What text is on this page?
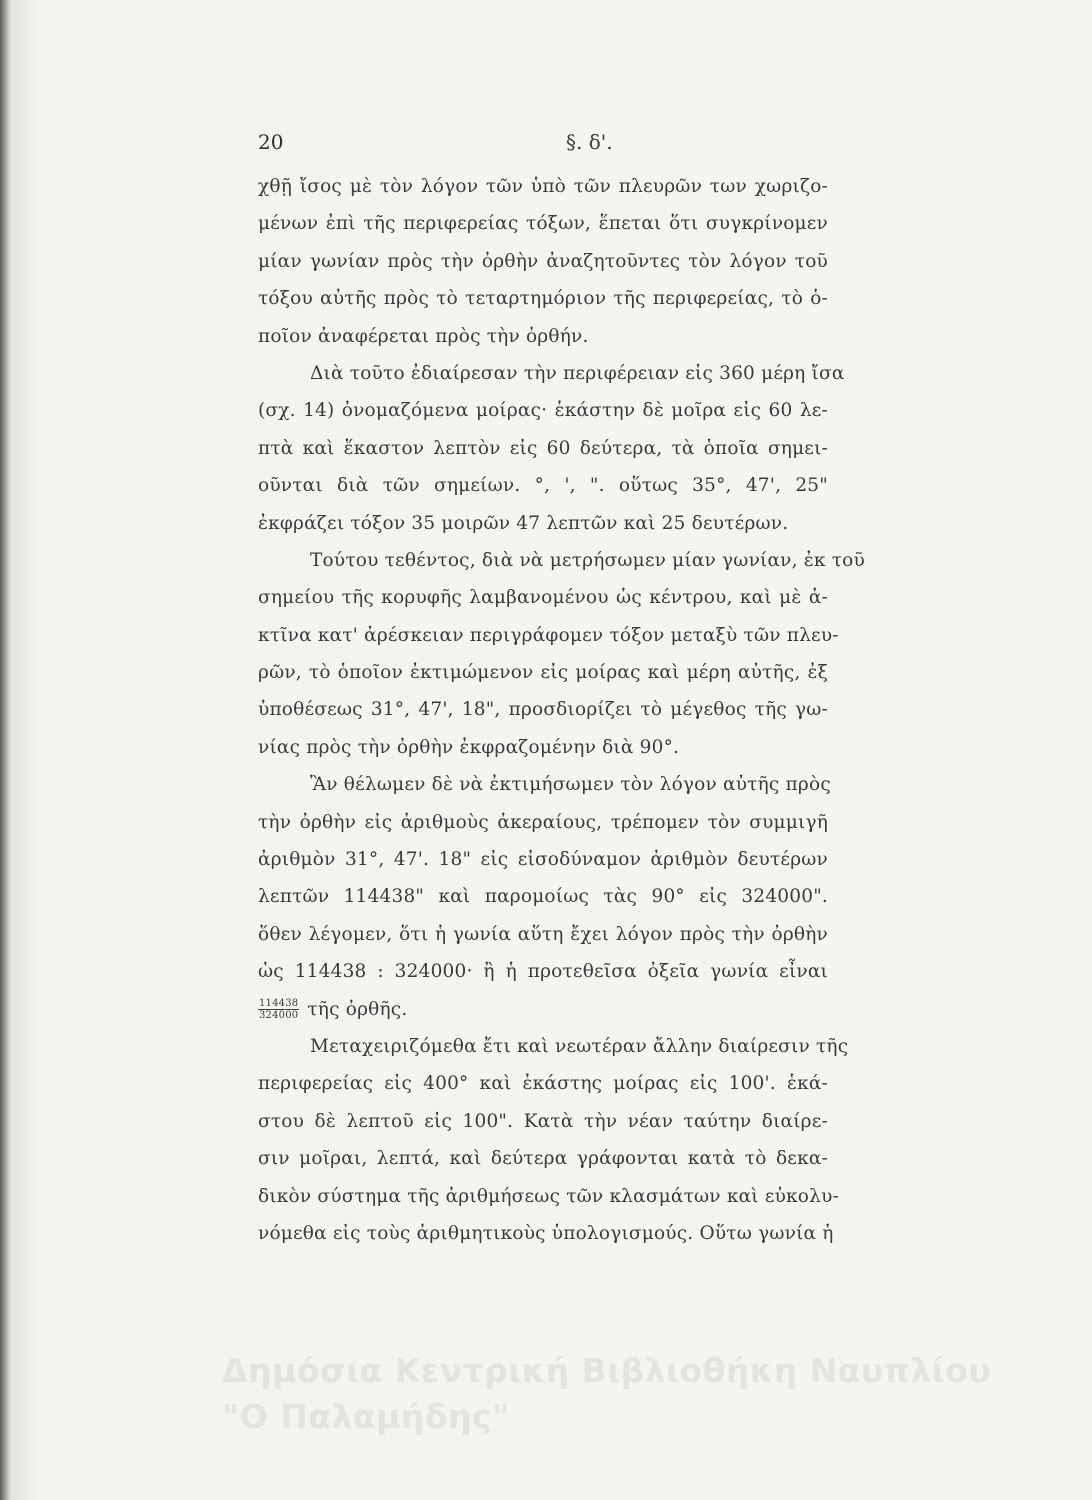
20	§. δ'.
χθῇ ἴσος μὲ τὸν λόγον τῶν ὑπὸ τῶν πλευρῶν των χωριζο-
μένων ἐπὶ τῆς περιφερείας τόξων, ἕπεται ὅτι συγκρίνομεν
μίαν γωνίαν πρὸς τὴν ὀρθὴν ἀναζητοῦντες τὸν λόγον τοῦ
τόξου αὐτῆς πρὸς τὸ τεταρτημόριον τῆς περιφερείας, τὸ ὁ-
ποῖον ἀναφέρεται πρὸς τὴν ὀρθήν.
Διὰ τοῦτο ἐδιαίρεσαν τὴν περιφέρειαν εἰς 360 μέρη ἴσα
(σχ. 14) ὀνομαζόμενα μοίρας· ἑκάστην δὲ μοῖρα εἰς 60 λε-
πτὰ καὶ ἕκαστον λεπτὸν εἰς 60 δεύτερα, τὰ ὁποῖα σημει-
οῦνται διὰ τῶν σημείων. °, ', ". οὕτως 35°, 47', 25"
ἐκφράζει τόξον 35 μοιρῶν 47 λεπτῶν καὶ 25 δευτέρων.
Τούτου τεθέντος, διὰ νὰ μετρήσωμεν μίαν γωνίαν, ἐκ τοῦ
σημείου τῆς κορυφῆς λαμβανομένου ὡς κέντρου, καὶ μὲ ἀ-
κτῖνα κατ' ἀρέσκειαν περιγράφομεν τόξον μεταξὺ τῶν πλευ-
ρῶν, τὸ ὁποῖον ἐκτιμώμενον εἰς μοίρας καὶ μέρη αὐτῆς, ἐξ
ὑποθέσεως 31°, 47', 18", προσδιορίζει τὸ μέγεθος τῆς γω-
νίας πρὸς τὴν ὀρθὴν ἐκφραζομένην διὰ 90°.
Ἂν θέλωμεν δὲ νὰ ἐκτιμήσωμεν τὸν λόγον αὐτῆς πρὸς
τὴν ὀρθὴν εἰς ἀριθμοὺς ἀκεραίους, τρέπομεν τὸν συμμιγῆ
ἀριθμὸν 31°, 47'. 18" εἰς εἰσοδύναμον ἀριθμὸν δευτέρων
λεπτῶν 114438" καὶ παρομοίως τὰς 90° εἰς 324000".
ὅθεν λέγομεν, ὅτι ἡ γωνία αὕτη ἔχει λόγον πρὸς τὴν ὀρθὴν
ὡς 114438 : 324000· ἢ ἡ προτεθεῖσα ὀξεῖα γωνία εἶναι
$\frac{114438}{324000}$ τῆς ὀρθῆς.
Μεταχειριζόμεθα ἔτι καὶ νεωτέραν ἄλλην διαίρεσιν τῆς
περιφερείας εἰς 400° καὶ ἑκάστης μοίρας εἰς 100'. ἑκά-
στου δὲ λεπτοῦ εἰς 100". Κατὰ τὴν νέαν ταύτην διαίρε-
σιν μοῖραι, λεπτά, καὶ δεύτερα γράφονται κατὰ τὸ δεκα-
δικὸν σύστημα τῆς ἀριθμήσεως τῶν κλασμάτων καὶ εὐκολυ-
νόμεθα εἰς τοὺς ἀριθμητικοὺς ὑπολογισμούς. Οὕτω γωνία ἡ
Δημόσια Κεντρική Βιβλιοθήκη Ναυπλίου
"Ο Παλαμήδης"
